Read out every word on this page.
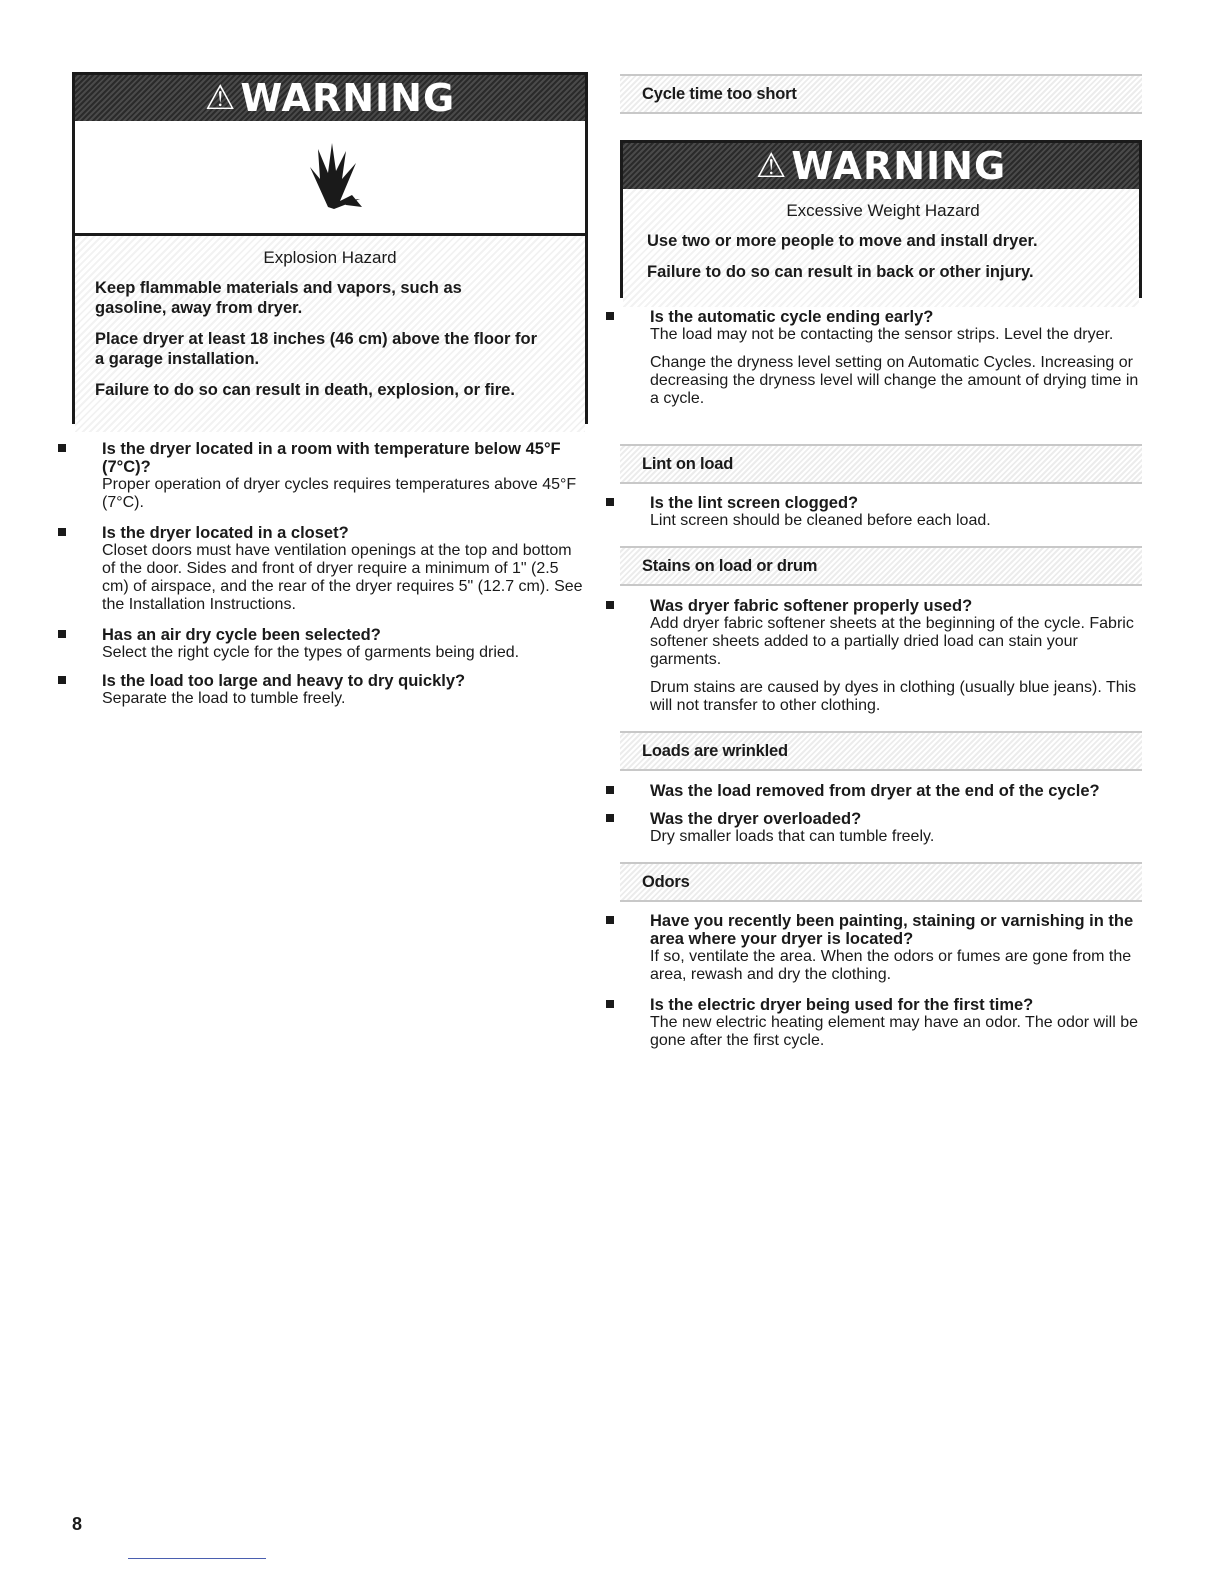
⚠ WARNING
Explosion Hazard

Keep flammable materials and vapors, such as gasoline, away from dryer.

Place dryer at least 18 inches (46 cm) above the floor for a garage installation.

Failure to do so can result in death, explosion, or fire.

Is the dryer located in a room with temperature below 45°F (7°C)?
Proper operation of dryer cycles requires temperatures above 45°F (7°C).
Is the dryer located in a closet?
Closet doors must have ventilation openings at the top and bottom of the door. Sides and front of dryer require a minimum of 1" (2.5 cm) of airspace, and the rear of the dryer requires 5" (12.7 cm). See the Installation Instructions.
Has an air dry cycle been selected?
Select the right cycle for the types of garments being dried.
Is the load too large and heavy to dry quickly?
Separate the load to tumble freely.
Cycle time too short
⚠ WARNING
Excessive Weight Hazard

Use two or more people to move and install dryer.

Failure to do so can result in back or other injury.

Is the automatic cycle ending early?
The load may not be contacting the sensor strips. Level the dryer.
Change the dryness level setting on Automatic Cycles. Increasing or decreasing the dryness level will change the amount of drying time in a cycle.
Lint on load
Is the lint screen clogged?
Lint screen should be cleaned before each load.
Stains on load or drum
Was dryer fabric softener properly used?
Add dryer fabric softener sheets at the beginning of the cycle. Fabric softener sheets added to a partially dried load can stain your garments.
Drum stains are caused by dyes in clothing (usually blue jeans). This will not transfer to other clothing.
Loads are wrinkled
Was the load removed from dryer at the end of the cycle?
Was the dryer overloaded?
Dry smaller loads that can tumble freely.
Odors
Have you recently been painting, staining or varnishing in the area where your dryer is located?
If so, ventilate the area. When the odors or fumes are gone from the area, rewash and dry the clothing.
Is the electric dryer being used for the first time?
The new electric heating element may have an odor. The odor will be gone after the first cycle.
8
